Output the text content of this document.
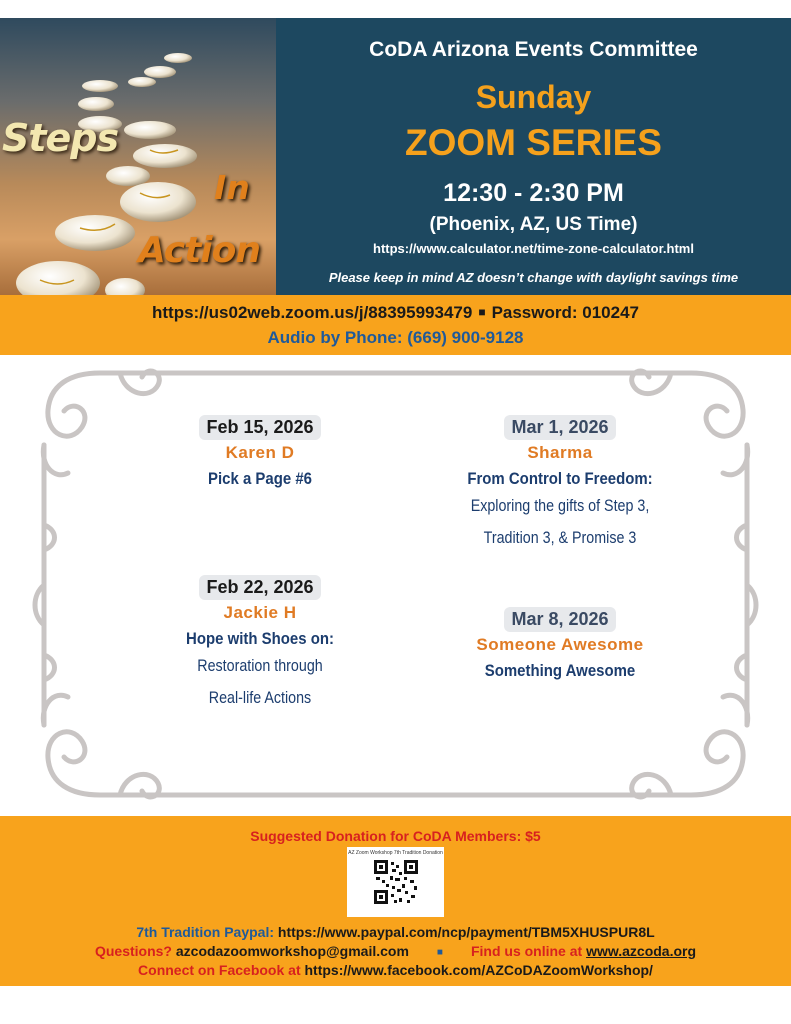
Steps
In
Action
CoDA Arizona Events Committee
Sunday
ZOOM SERIES
12:30 - 2:30 PM
(Phoenix, AZ, US Time)
https://www.calculator.net/time-zone-calculator.html
Please keep in mind AZ doesn’t change with daylight savings time
https://us02web.zoom.us/j/88395993479 ■ Password: 010247
Audio by Phone: (669) 900-9128
Feb 15, 2026
Karen D
Pick a Page #6
Mar 1, 2026
Sharma
From Control to Freedom:
Exploring the gifts of Step 3,
Tradition 3, & Promise 3
Feb 22, 2026
Jackie H
Hope with Shoes on:
Restoration through
Real-life Actions
Mar 8, 2026
Someone Awesome
Something Awesome
Suggested Donation for CoDA Members: $5
AZ Zoom Workshop 7th Tradition Donation
7th Tradition Paypal: https://www.paypal.com/ncp/payment/TBM5XHUSPUR8L
Questions? azcodazoomworkshop@gmail.com	■ Find us online at www.azcoda.org
Connect on Facebook at https://www.facebook.com/AZCoDAZoomWorkshop/
